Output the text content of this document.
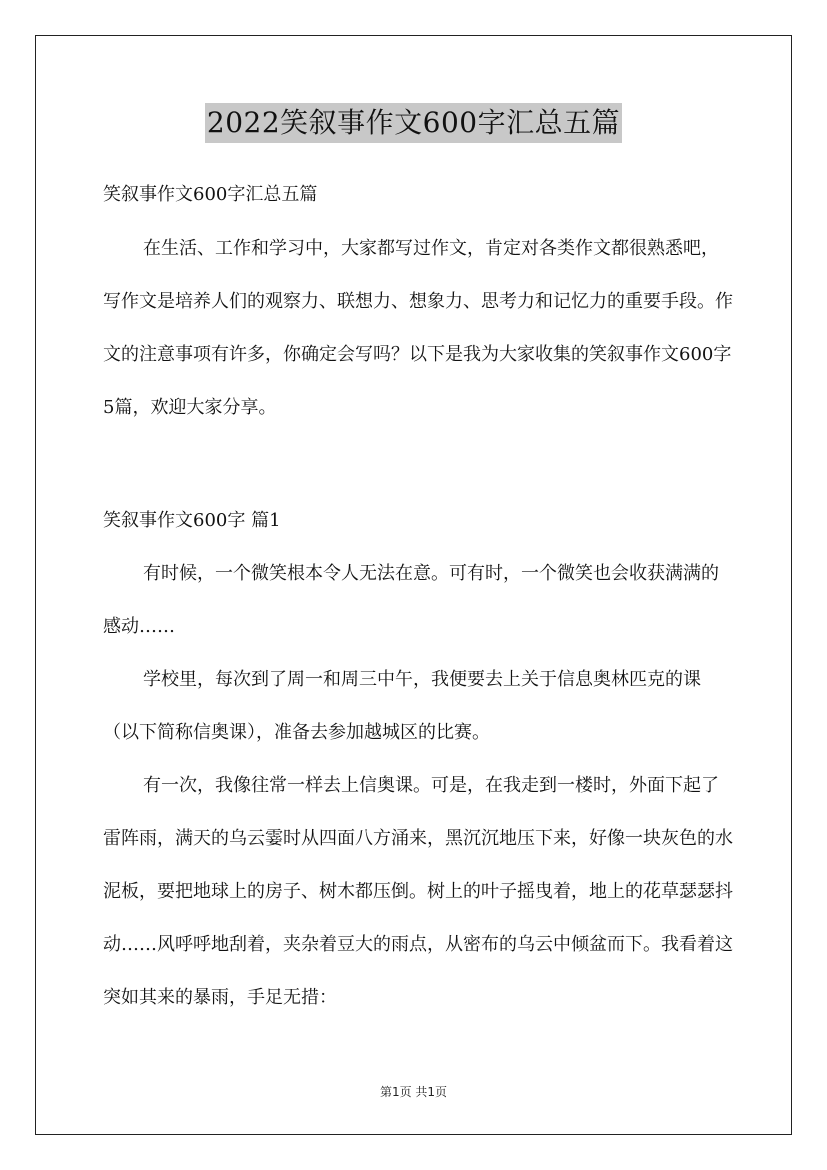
2022笑叙事作文600字汇总五篇

笑叙事作文600字汇总五篇

在生活、工作和学习中，大家都写过作文，肯定对各类作文都很熟悉吧，写作文是培养人们的观察力、联想力、想象力、思考力和记忆力的重要手段。作文的注意事项有许多，你确定会写吗？以下是我为大家收集的笑叙事作文600字5篇，欢迎大家分享。

笑叙事作文600字 篇1

有时候，一个微笑根本令人无法在意。可有时，一个微笑也会收获满满的感动……

学校里，每次到了周一和周三中午，我便要去上关于信息奥林匹克的课（以下简称信奥课），准备去参加越城区的比赛。

有一次，我像往常一样去上信奥课。可是，在我走到一楼时，外面下起了雷阵雨，满天的乌云霎时从四面八方涌来，黑沉沉地压下来，好像一块灰色的水泥板，要把地球上的房子、树木都压倒。树上的叶子摇曳着，地上的花草瑟瑟抖动……风呼呼地刮着，夹杂着豆大的雨点，从密布的乌云中倾盆而下。我看着这突如其来的暴雨，手足无措：

第1页 共1页
